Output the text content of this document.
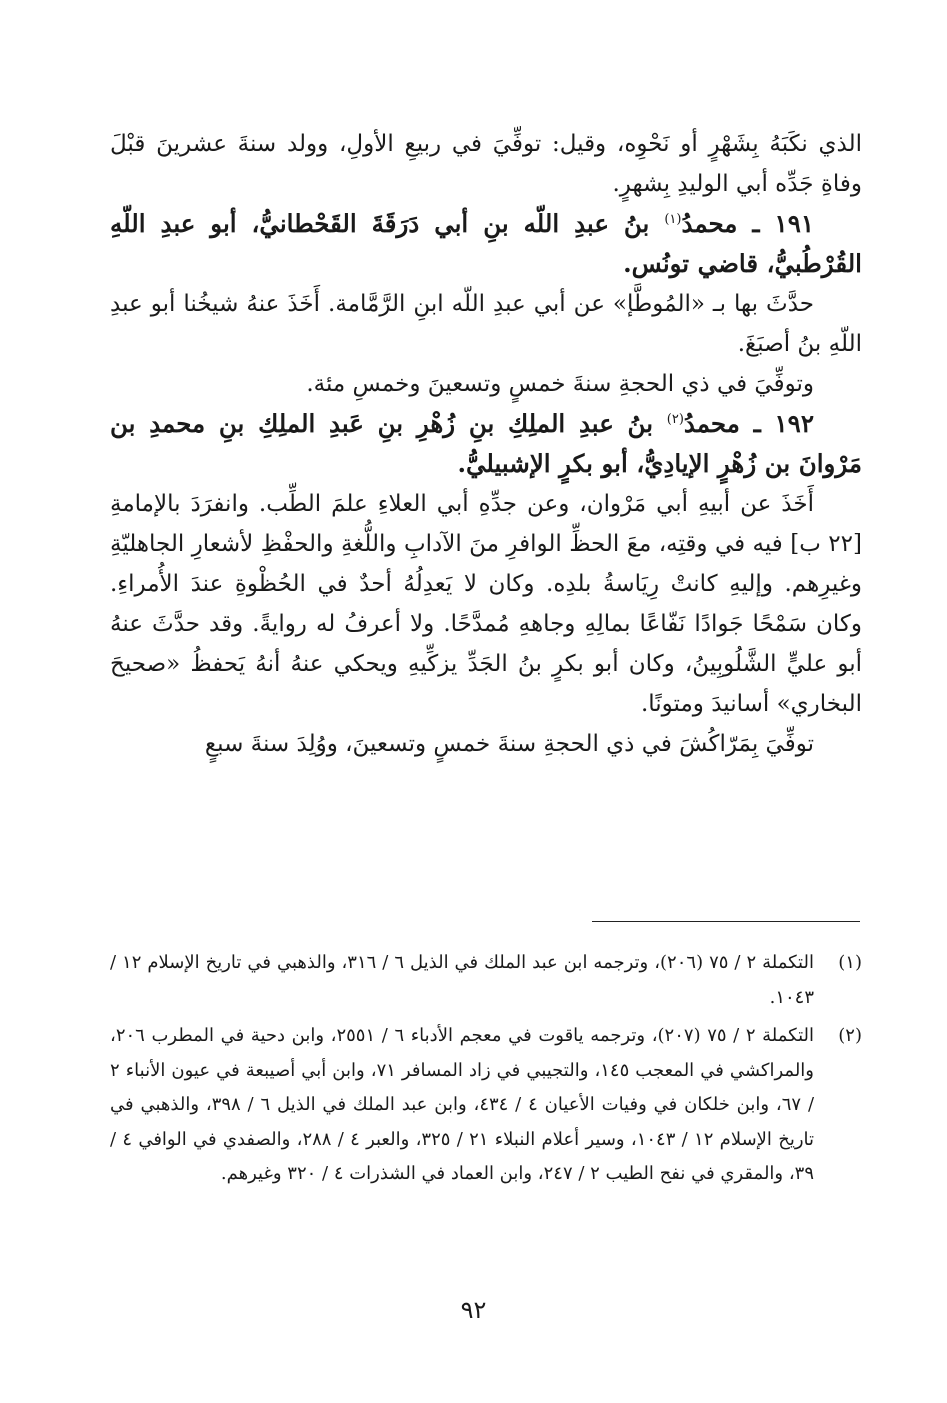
الذي نكَبَهُ بِشَهْرٍ أو نَحْوِه، وقيل: توفِّيَ في ربيعِ الأولِ، وولد سنةَ عشرينَ قبْلَ وفاةِ جَدِّه أبي الوليدِ بِشهرٍ.

١٩١ ـ محمدُ$^{(١)}$ بنُ عبدِ اللّه بنِ أبي دَرَقَةَ القَحْطانيُّ، أبو عبدِ اللّهِ القُرْطُبيُّ، قاضي تونُس.

حدَّثَ بها بـ «المُوطَّإ» عن أبي عبدِ اللّه ابنِ الرَّمَّامة. أَخَذَ عنهُ شيخُنا أبو عبدِ اللّهِ بنُ أصبَغَ.

وتوفِّيَ في ذي الحجةِ سنةَ خمسٍ وتسعينَ وخمسِ مئة.

١٩٢ ـ محمدُ$^{(٢)}$ بنُ عبدِ الملِكِ بنِ زُهْرِ بنِ عَبدِ الملِكِ بنِ محمدِ بن مَرْوانَ بن زُهْرٍ الإيادِيُّ، أبو بكرٍ الإشبيليُّ.

أَخَذَ عن أبيهِ أبي مَرْوان، وعن جدِّهِ أبي العلاءِ علمَ الطِّب. وانفرَدَ بالإمامةِ [٢٢ ب] فيه في وقتِه، معَ الحظِّ الوافرِ منَ الآدابِ واللُّغةِ والحفْظِ لأشعارِ الجاهليّةِ وغيرِهم. وإليهِ كانتْ رِيَاسةُ بلدِه. وكان لا يَعدِلُهُ أحدٌ في الحُظْوةِ عندَ الأُمراءِ. وكان سَمْحًا جَوادًا نَفّاعًا بمالِهِ وجاههِ مُمدَّحًا. ولا أعرفُ له روايةً. وقد حدَّثَ عنهُ أبو عليٍّ الشَّلُوبِينُ، وكان أبو بكرٍ بنُ الجَدِّ يزكِّيهِ ويحكي عنهُ أنهُ يَحفظُ «صحيحَ البخاري» أسانيدَ ومتونًا.

توفِّيَ بِمَرّاكُشَ في ذي الحجةِ سنةَ خمسٍ وتسعينَ، ووُلِدَ سنةَ سبعٍ

(١)
التكملة ٢ / ٧٥ (٢٠٦)، وترجمه ابن عبد الملك في الذيل ٦ / ٣١٦، والذهبي في تاريخ الإسلام ١٢ / ١٠٤٣.
(٢)
التكملة ٢ / ٧٥ (٢٠٧)، وترجمه ياقوت في معجم الأدباء ٦ / ٢٥٥١، وابن دحية في المطرب ٢٠٦، والمراكشي في المعجب ١٤٥، والتجيبي في زاد المسافر ٧١، وابن أبي أصيبعة في عيون الأنباء ٢ / ٦٧، وابن خلكان في وفيات الأعيان ٤ / ٤٣٤، وابن عبد الملك في الذيل ٦ / ٣٩٨، والذهبي في تاريخ الإسلام ١٢ / ١٠٤٣، وسير أعلام النبلاء ٢١ / ٣٢٥، والعبر ٤ / ٢٨٨، والصفدي في الوافي ٤ / ٣٩، والمقري في نفح الطيب ٢ / ٢٤٧، وابن العماد في الشذرات ٤ / ٣٢٠ وغيرهم.
٩٢
